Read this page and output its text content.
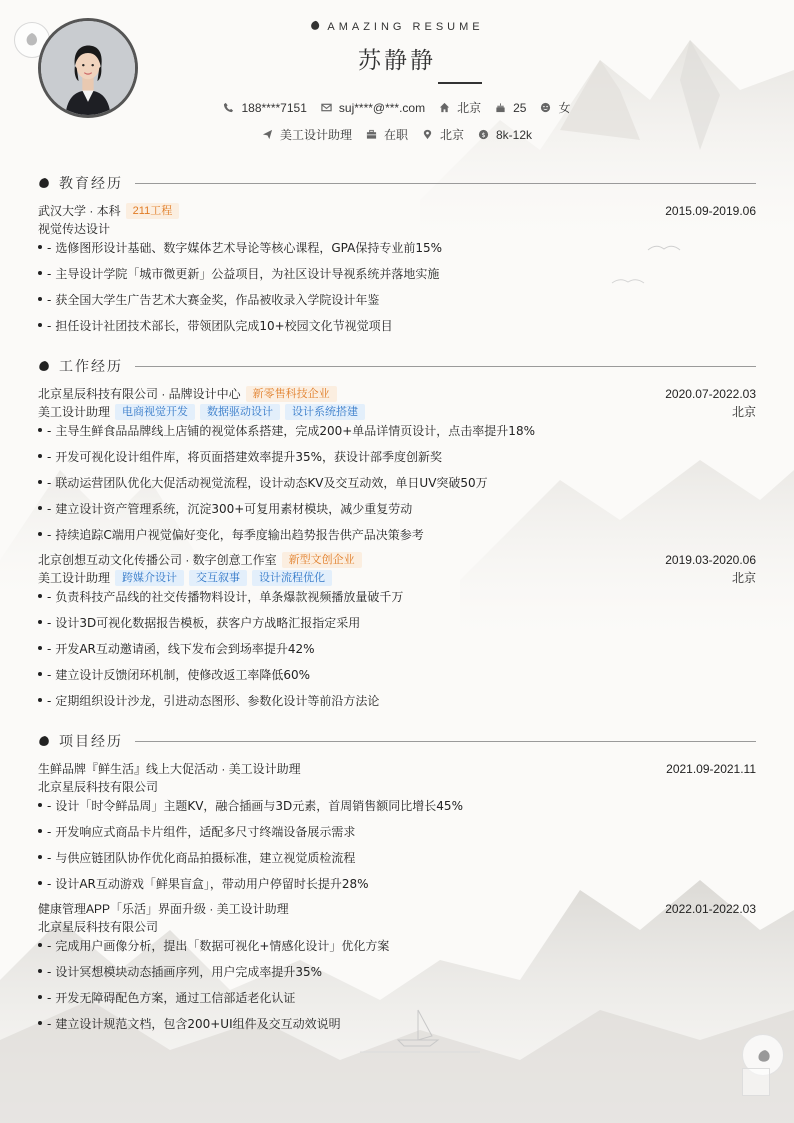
AMAZING RESUME
苏静静
188****7151	suj****@***.com	北京	25	女
美工设计助理	在职	北京 $ 8k-12k
教育经历
武汉大学 · 本科 211工程	2015.09-2019.06
视觉传达设计
- 选修图形设计基础、数字媒体艺术导论等核心课程，GPA保持专业前15%
- 主导设计学院「城市微更新」公益项目，为社区设计导视系统并落地实施
- 获全国大学生广告艺术大赛金奖，作品被收录入学院设计年鉴
- 担任设计社团技术部长，带领团队完成10+校园文化节视觉项目
工作经历
北京星辰科技有限公司 · 品牌设计中心 新零售科技企业	2020.07-2022.03
美工设计助理 电商视觉开发 数据驱动设计 设计系统搭建	北京
- 主导生鲜食品品牌线上店铺的视觉体系搭建，完成200+单品详情页设计，点击率提升18%
- 开发可视化设计组件库，将页面搭建效率提升35%，获设计部季度创新奖
- 联动运营团队优化大促活动视觉流程，设计动态KV及交互动效，单日UV突破50万
- 建立设计资产管理系统，沉淀300+可复用素材模块，减少重复劳动
- 持续追踪C端用户视觉偏好变化，每季度输出趋势报告供产品决策参考
北京创想互动文化传播公司 · 数字创意工作室 新型文创企业	2019.03-2020.06
美工设计助理 跨媒介设计 交互叙事 设计流程优化	北京
- 负责科技产品线的社交传播物料设计，单条爆款视频播放量破千万
- 设计3D可视化数据报告模板，获客户方战略汇报指定采用
- 开发AR互动邀请函，线下发布会到场率提升42%
- 建立设计反馈闭环机制，使修改返工率降低60%
- 定期组织设计沙龙，引进动态图形、参数化设计等前沿方法论
项目经历
生鲜品牌『鲜生活』线上大促活动 · 美工设计助理	2021.09-2021.11
北京星辰科技有限公司
- 设计「时令鲜品周」主题KV，融合插画与3D元素，首周销售额同比增长45%
- 开发响应式商品卡片组件，适配多尺寸终端设备展示需求
- 与供应链团队协作优化商品拍摄标准，建立视觉质检流程
- 设计AR互动游戏「鲜果盲盒」，带动用户停留时长提升28%
健康管理APP「乐活」界面升级 · 美工设计助理	2022.01-2022.03
北京星辰科技有限公司
- 完成用户画像分析，提出「数据可视化+情感化设计」优化方案
- 设计冥想模块动态插画序列，用户完成率提升35%
- 开发无障碍配色方案，通过工信部适老化认证
- 建立设计规范文档，包含200+UI组件及交互动效说明
